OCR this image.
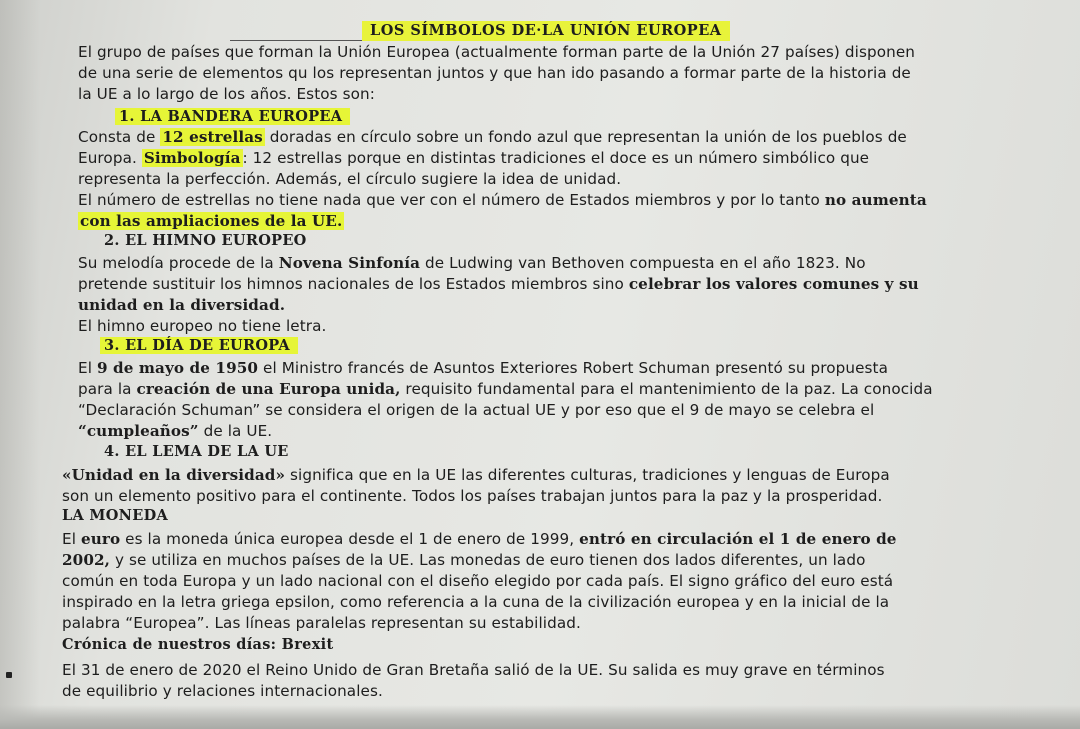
LOS SÍMBOLOS DE·LA UNIÓN EUROPEA
El grupo de países que forman la Unión Europea (actualmente forman parte de la Unión 27 países) disponen
de una serie de elementos qu los representan juntos y que han ido pasando a formar parte de la historia de
la UE a lo largo de los años. Estos son:
1. LA BANDERA EUROPEA
Consta de 12 estrellas doradas en círculo sobre un fondo azul que representan la unión de los pueblos de
Europa. Simbología : 12 estrellas porque en distintas tradiciones el doce es un número simbólico que
representa la perfección. Además, el círculo sugiere la idea de unidad.
El número de estrellas no tiene nada que ver con el número de Estados miembros y por lo tanto no aumenta
con las ampliaciones de la UE.
2. EL HIMNO EUROPEO
Su melodía procede de la Novena Sinfonía de Ludwing van Bethoven compuesta en el año 1823. No
pretende sustituir los himnos nacionales de los Estados miembros sino celebrar los valores comunes y su
unidad en la diversidad.
El himno europeo no tiene letra.
3. EL DÍA DE EUROPA
El 9 de mayo de 1950 el Ministro francés de Asuntos Exteriores Robert Schuman presentó su propuesta
para la creación de una Europa unida, requisito fundamental para el mantenimiento de la paz. La conocida
“Declaración Schuman” se considera el origen de la actual UE y por eso que el 9 de mayo se celebra el
“cumpleaños” de la UE.
4. EL LEMA DE LA UE
«Unidad en la diversidad» significa que en la UE las diferentes culturas, tradiciones y lenguas de Europa
son un elemento positivo para el continente. Todos los países trabajan juntos para la paz y la prosperidad.
LA MONEDA
El euro es la moneda única europea desde el 1 de enero de 1999, entró en circulación el 1 de enero de
2002, y se utiliza en muchos países de la UE. Las monedas de euro tienen dos lados diferentes, un lado
común en toda Europa y un lado nacional con el diseño elegido por cada país. El signo gráfico del euro está
inspirado en la letra griega epsilon, como referencia a la cuna de la civilización europea y en la inicial de la
palabra “Europea”. Las líneas paralelas representan su estabilidad.
Crónica de nuestros días: Brexit
El 31 de enero de 2020 el Reino Unido de Gran Bretaña salió de la UE. Su salida es muy grave en términos
de equilibrio y relaciones internacionales.
